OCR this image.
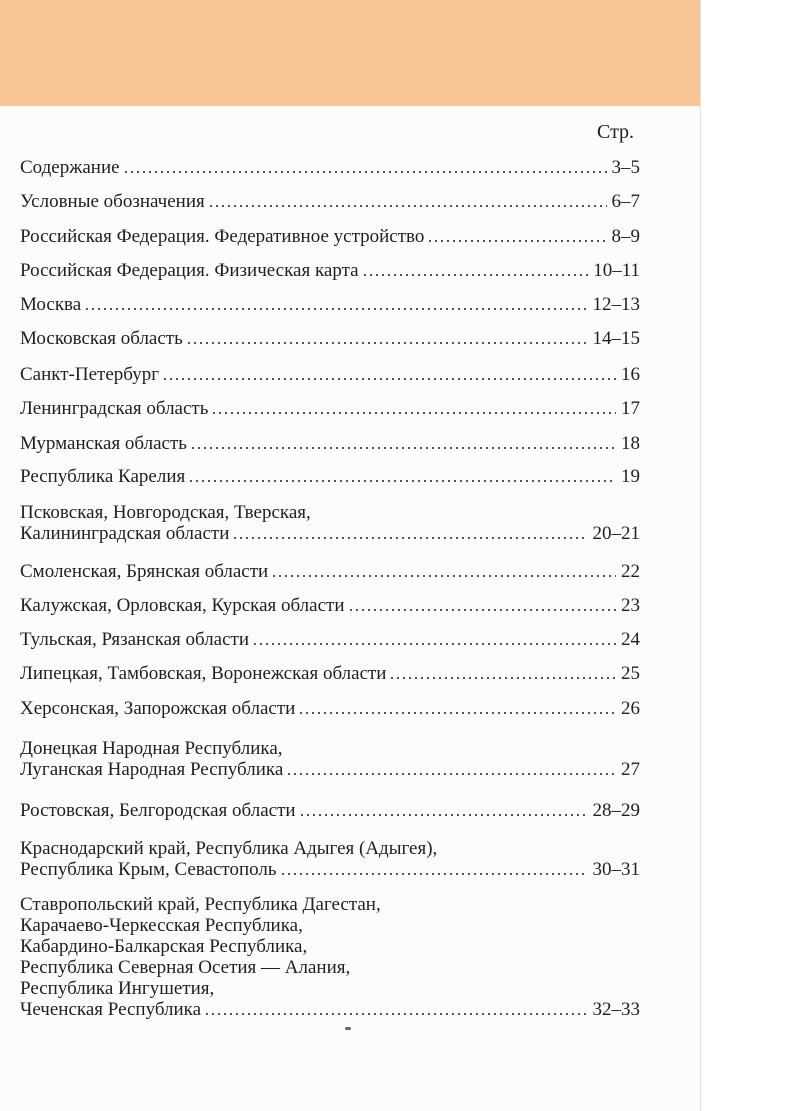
Стр.
Содержание	3–5
Условные обозначения	6–7
Российская Федерация. Федеративное устройство	8–9
Российская Федерация. Физическая карта	10–11
Москва	12–13
Московская область	14–15
Санкт-Петербург	16
Ленинградская область	17
Мурманская область	18
Республика Карелия	19
Псковская, Новгородская, Тверская,
Калининградская области	20–21
Смоленская, Брянская области	22
Калужская, Орловская, Курская области	23
Тульская, Рязанская области	24
Липецкая, Тамбовская, Воронежская области	25
Херсонская, Запорожская области	26
Донецкая Народная Республика,
Луганская Народная Республика	27
Ростовская, Белгородская области	28–29
Краснодарский край, Республика Адыгея (Адыгея),
Республика Крым, Севастополь	30–31
Ставропольский край, Республика Дагестан,
Карачаево-Черкесская Республика,
Кабардино-Балкарская Республика,
Республика Северная Осетия — Алания,
Республика Ингушетия,
Чеченская Республика	32–33
